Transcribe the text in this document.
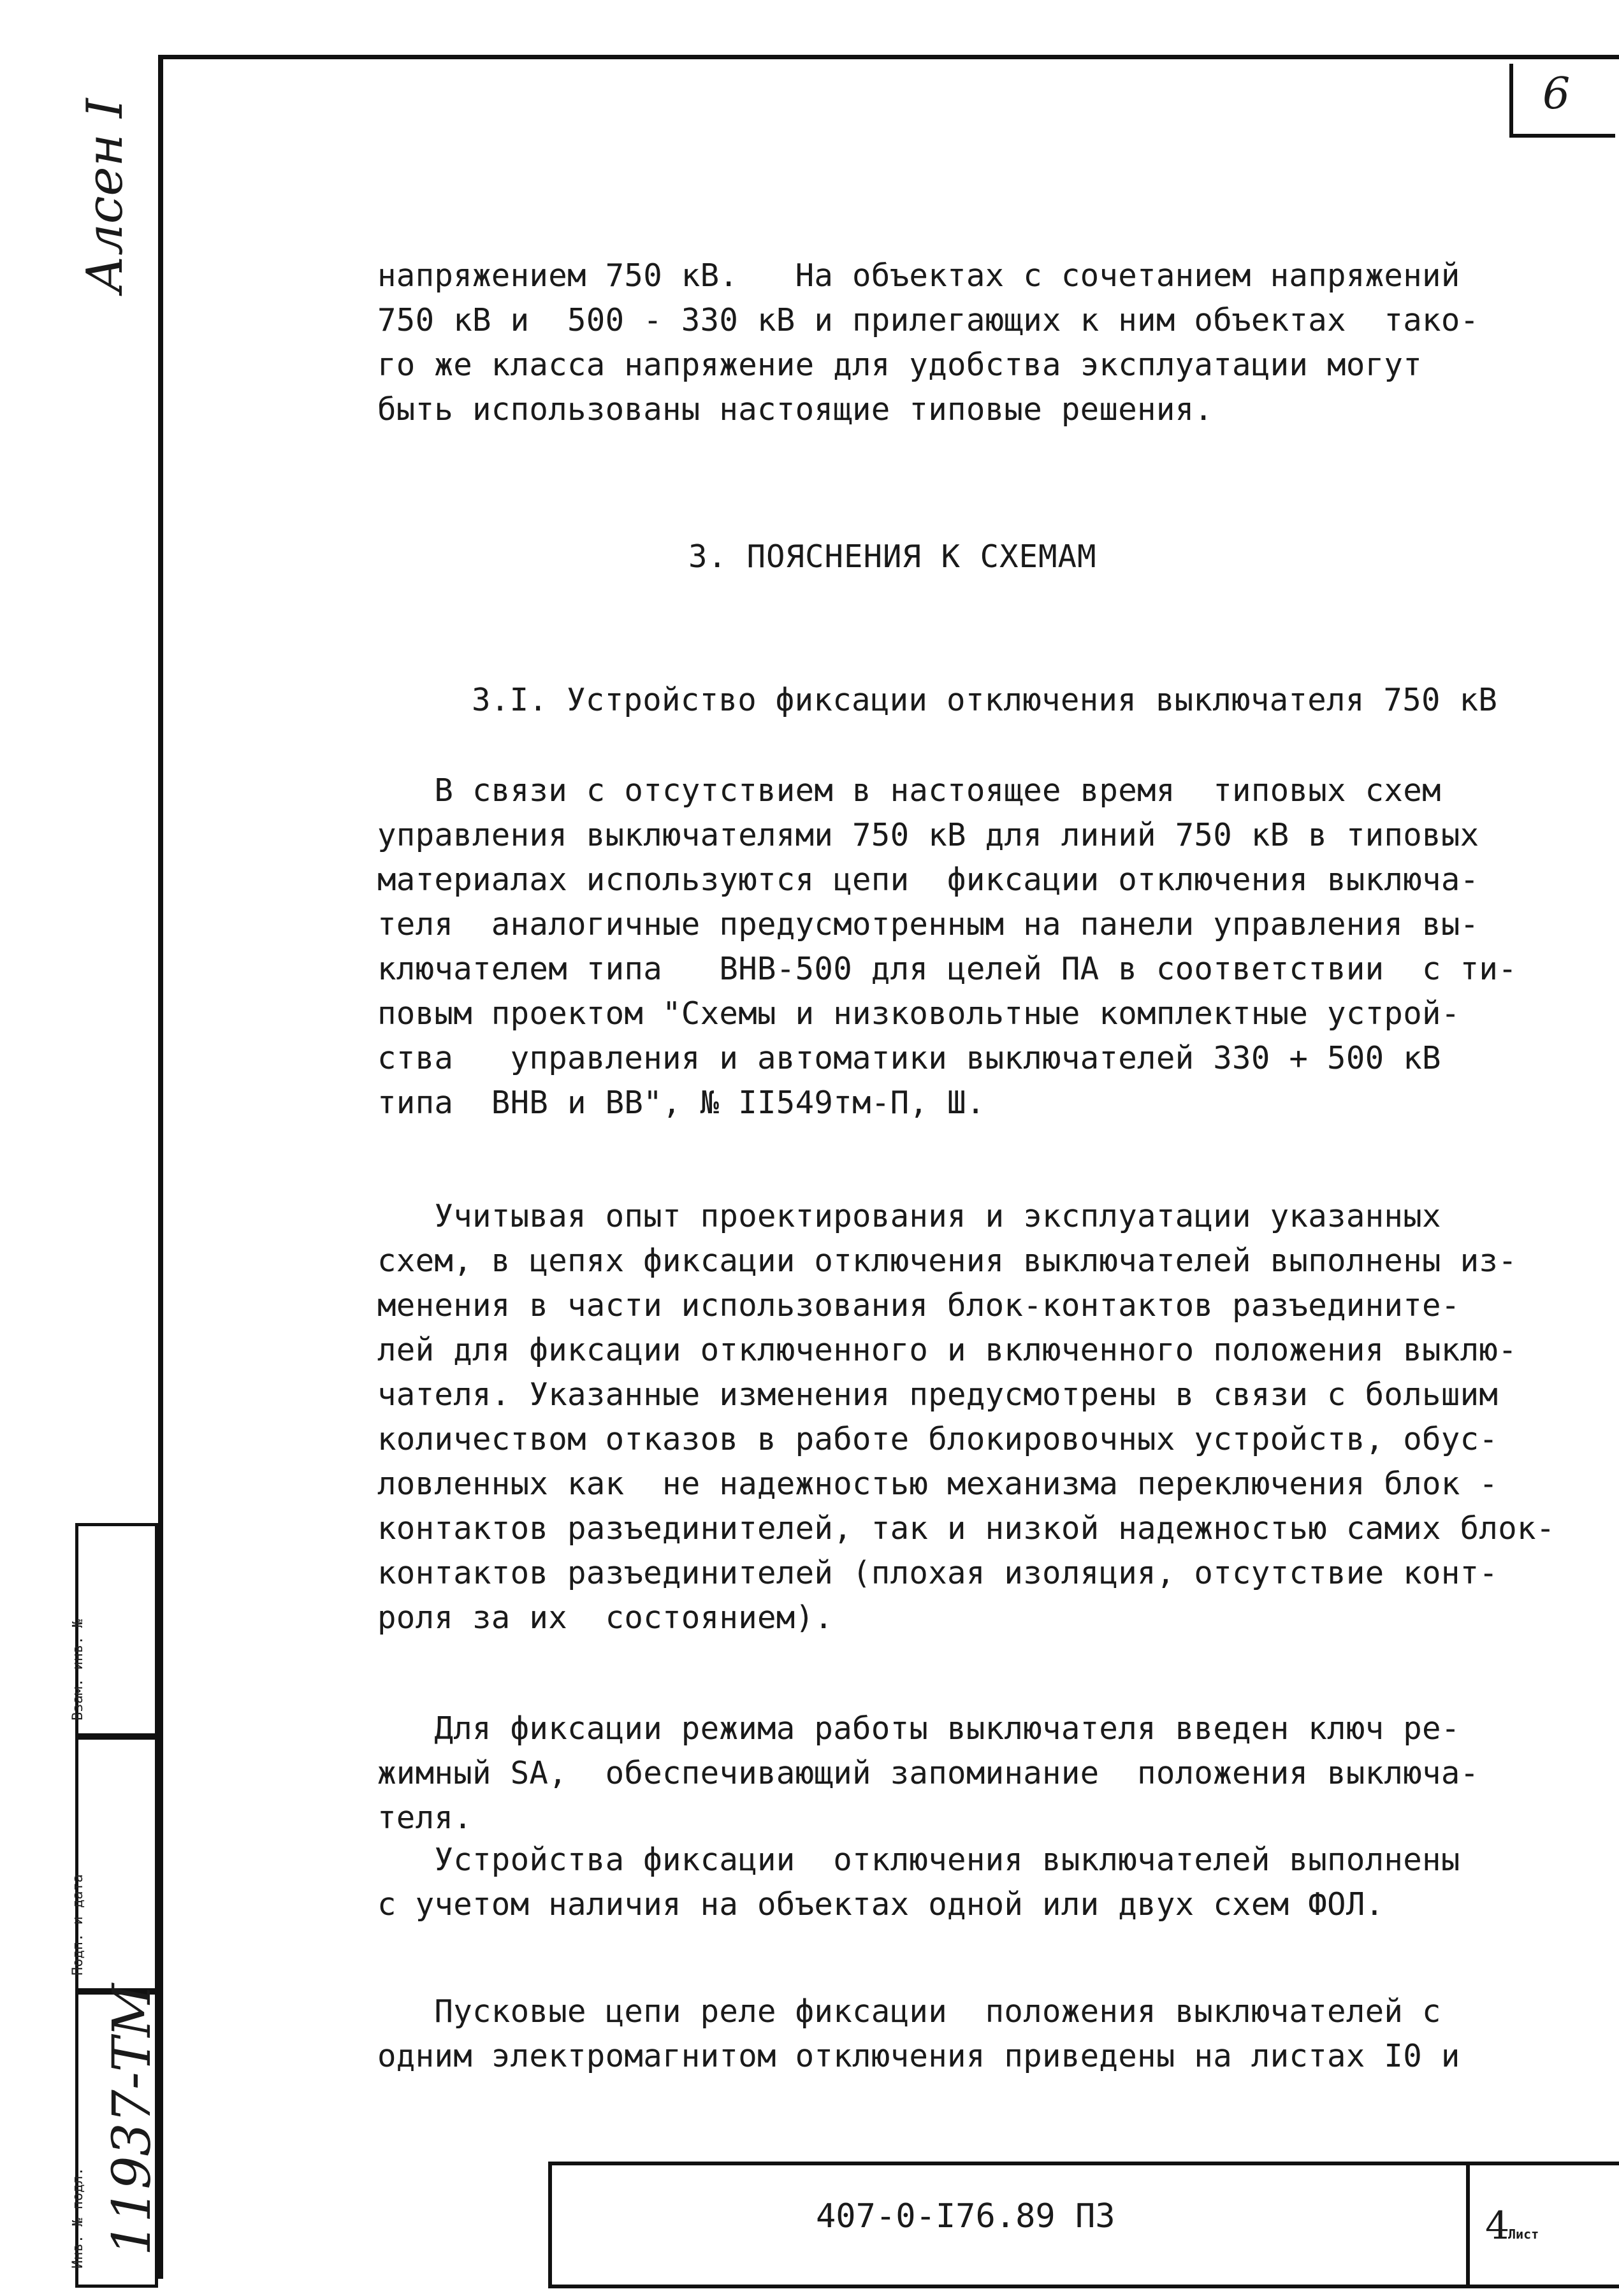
6
Алсен I
Взам. инв. №
Подп. и дата
Инв. № подл. 11937-ТМ
напряжением 750 кВ.   На объектах с сочетанием напряжений
750 кВ и  500 - 330 кВ и прилегающих к ним объектах  тако-
го же класса напряжение для удобства эксплуатации могут
быть использованы настоящие типовые решения.
3. ПОЯСНЕНИЯ К СХЕМАМ
3.I. Устройство фиксации отключения выключателя 750 кВ
В связи с отсутствием в настоящее время  типовых схем
управления выключателями 750 кВ для линий 750 кВ в типовых
материалах используются цепи  фиксации отключения выключа-
теля  аналогичные предусмотренным на панели управления вы-
ключателем типа   ВНВ-500 для целей ПА в соответствии  с ти-
повым проектом "Схемы и низковольтные комплектные устрой-
ства   управления и автоматики выключателей 330 + 500 кВ
типа  ВНВ и ВВ", № II549тм-П, Ш.
Учитывая опыт проектирования и эксплуатации указанных
схем, в цепях фиксации отключения выключателей выполнены из-
менения в части использования блок-контактов разъедините-
лей для фиксации отключенного и включенного положения выклю-
чателя. Указанные изменения предусмотрены в связи с большим
количеством отказов в работе блокировочных устройств, обус-
ловленных как  не надежностью механизма переключения блок -
контактов разъединителей, так и низкой надежностью самих блок-
контактов разъединителей (плохая изоляция, отсутствие конт-
роля за их  состоянием).
Для фиксации режима работы выключателя введен ключ ре-
жимный SA,  обеспечивающий запоминание  положения выключа-
теля.
Устройства фиксации  отключения выключателей выполнены
с учетом наличия на объектах одной или двух схем ФОЛ.
Пусковые цепи реле фиксации  положения выключателей с
одним электромагнитом отключения приведены на листах I0 и
407-0-I76.89 ПЗ	4
Лист
